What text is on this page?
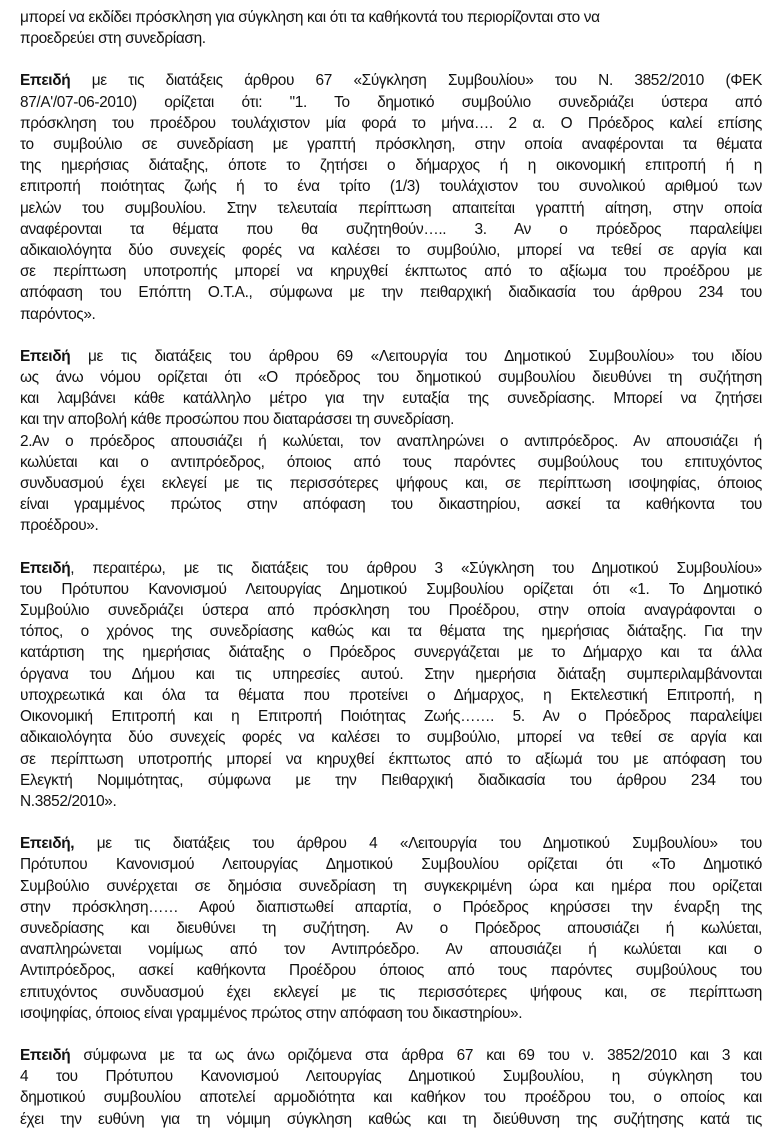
μπορεί να εκδίδει πρόσκληση για σύγκληση και ότι τα καθήκοντά του περιορίζονται στο να
προεδρεύει στη συνεδρίαση.
Επειδή με τις διατάξεις άρθρου 67 «Σύγκληση Συμβουλίου» του Ν. 3852/2010 (ΦΕΚ
87/Α'/07-06-2010) ορίζεται ότι: "1. Το δημοτικό συμβούλιο συνεδριάζει ύστερα από
πρόσκληση του προέδρου τουλάχιστον μία φορά το μήνα…. 2 α. Ο Πρόεδρος καλεί επίσης
το συμβούλιο σε συνεδρίαση με γραπτή πρόσκληση, στην οποία αναφέρονται τα θέματα
της ημερήσιας διάταξης, όποτε το ζητήσει ο δήμαρχος ή η οικονομική επιτροπή ή η
επιτροπή ποιότητας ζωής ή το ένα τρίτο (1/3) τουλάχιστον του συνολικού αριθμού των
μελών του συμβουλίου. Στην τελευταία περίπτωση απαιτείται γραπτή αίτηση, στην οποία
αναφέρονται τα θέματα που θα συζητηθούν….. 3. Αν ο πρόεδρος παραλείψει
αδικαιολόγητα δύο συνεχείς φορές να καλέσει το συμβούλιο, μπορεί να τεθεί σε αργία και
σε περίπτωση υποτροπής μπορεί να κηρυχθεί έκπτωτος από το αξίωμα του προέδρου με
απόφαση του Επόπτη Ο.Τ.Α., σύμφωνα με την πειθαρχική διαδικασία του άρθρου 234 του
παρόντος».
Επειδή με τις διατάξεις του άρθρου 69 «Λειτουργία του Δημοτικού Συμβουλίου» του ιδίου
ως άνω νόμου ορίζεται ότι «Ο πρόεδρος του δημοτικού συμβουλίου διευθύνει τη συζήτηση
και λαμβάνει κάθε κατάλληλο μέτρο για την ευταξία της συνεδρίασης. Μπορεί να ζητήσει
και την αποβολή κάθε προσώπου που διαταράσσει τη συνεδρίαση.
2.Αν ο πρόεδρος απουσιάζει ή κωλύεται, τον αναπληρώνει ο αντιπρόεδρος. Αν απουσιάζει ή
κωλύεται και ο αντιπρόεδρος, όποιος από τους παρόντες συμβούλους του επιτυχόντος
συνδυασμού έχει εκλεγεί με τις περισσότερες ψήφους και, σε περίπτωση ισοψηφίας, όποιος
είναι γραμμένος πρώτος στην απόφαση του δικαστηρίου, ασκεί τα καθήκοντα του
προέδρου».
Επειδή, περαιτέρω, με τις διατάξεις του άρθρου 3 «Σύγκληση του Δημοτικού Συμβουλίου»
του Πρότυπου Κανονισμού Λειτουργίας Δημοτικού Συμβουλίου ορίζεται ότι «1. Το Δημοτικό
Συμβούλιο συνεδριάζει ύστερα από πρόσκληση του Προέδρου, στην οποία αναγράφονται ο
τόπος, ο χρόνος της συνεδρίασης καθώς και τα θέματα της ημερήσιας διάταξης. Για την
κατάρτιση της ημερήσιας διάταξης ο Πρόεδρος συνεργάζεται με το Δήμαρχο και τα άλλα
όργανα του Δήμου και τις υπηρεσίες αυτού. Στην ημερήσια διάταξη συμπεριλαμβάνονται
υποχρεωτικά και όλα τα θέματα που προτείνει ο Δήμαρχος, η Εκτελεστική Επιτροπή, η
Οικονομική Επιτροπή και η Επιτροπή Ποιότητας Ζωής……. 5. Αν ο Πρόεδρος παραλείψει
αδικαιολόγητα δύο συνεχείς φορές να καλέσει το συμβούλιο, μπορεί να τεθεί σε αργία και
σε περίπτωση υποτροπής μπορεί να κηρυχθεί έκπτωτος από το αξίωμά του με απόφαση του
Ελεγκτή Νομιμότητας, σύμφωνα με την Πειθαρχική διαδικασία του άρθρου 234 του
Ν.3852/2010».
Επειδή, με τις διατάξεις του άρθρου 4 «Λειτουργία του Δημοτικού Συμβουλίου» του
Πρότυπου Κανονισμού Λειτουργίας Δημοτικού Συμβουλίου ορίζεται ότι «Το Δημοτικό
Συμβούλιο συνέρχεται σε δημόσια συνεδρίαση τη συγκεκριμένη ώρα και ημέρα που ορίζεται
στην πρόσκληση…… Αφού διαπιστωθεί απαρτία, ο Πρόεδρος κηρύσσει την έναρξη της
συνεδρίασης και διευθύνει τη συζήτηση. Αν ο Πρόεδρος απουσιάζει ή κωλύεται,
αναπληρώνεται νομίμως από τον Αντιπρόεδρο. Αν απουσιάζει ή κωλύεται και ο
Αντιπρόεδρος, ασκεί καθήκοντα Προέδρου όποιος από τους παρόντες συμβούλους του
επιτυχόντος συνδυασμού έχει εκλεγεί με τις περισσότερες ψήφους και, σε περίπτωση
ισοψηφίας, όποιος είναι γραμμένος πρώτος στην απόφαση του δικαστηρίου».
Επειδή σύμφωνα με τα ως άνω οριζόμενα στα άρθρα 67 και 69 του ν. 3852/2010 και 3 και
4 του Πρότυπου Κανονισμού Λειτουργίας Δημοτικού Συμβουλίου, η σύγκληση του
δημοτικού συμβουλίου αποτελεί αρμοδιότητα και καθήκον του προέδρου του, ο οποίος και
έχει την ευθύνη για τη νόμιμη σύγκληση καθώς και τη διεύθυνση της συζήτησης κατά τις
